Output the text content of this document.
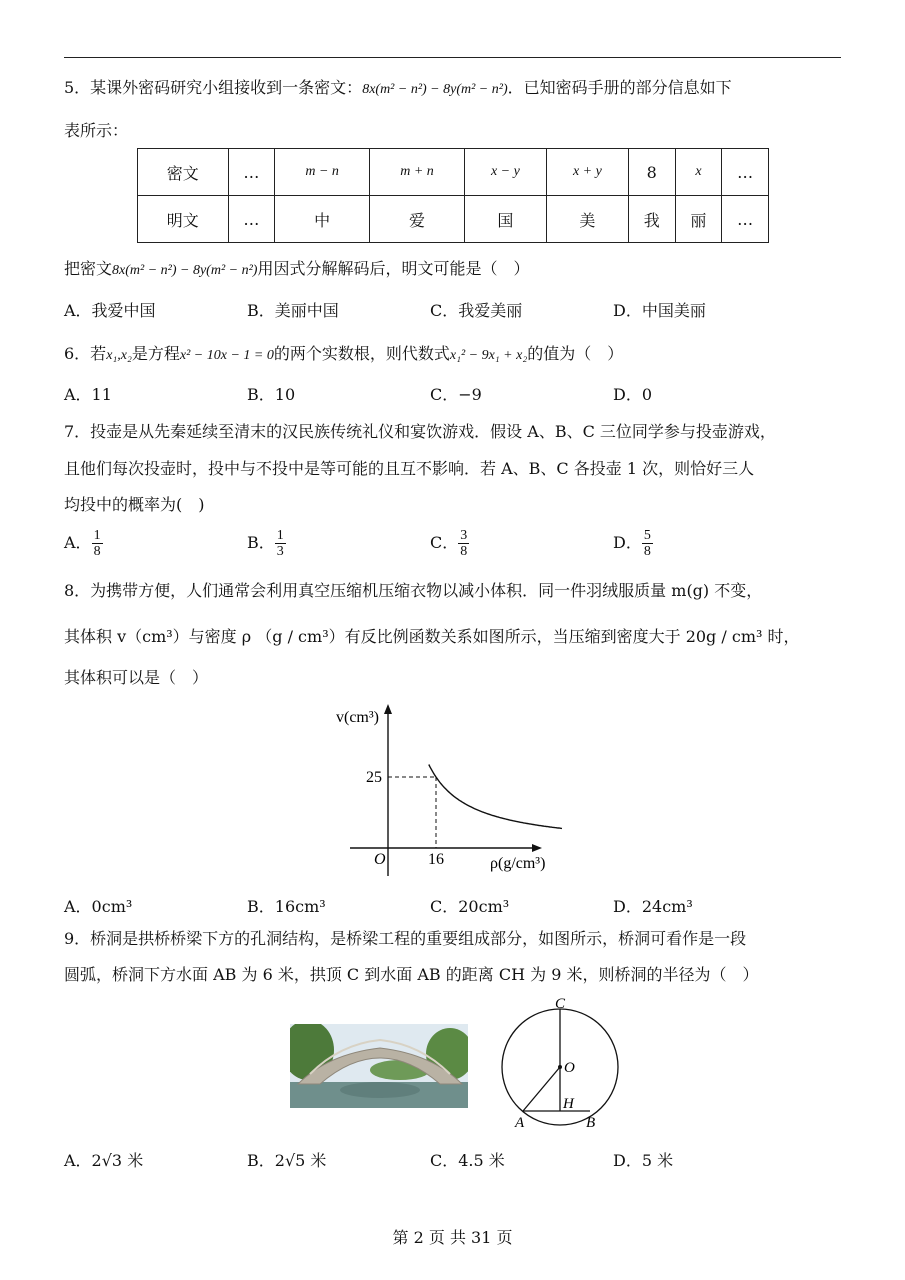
5．某课外密码研究小组接收到一条密文：8x(m² − n²) − 8y(m² − n²)．已知密码手册的部分信息如下
表所示：
密文	…	m − n	m + n	x − y	x + y	8	x	…
明文	…	中	爱	国	美	我	丽	…
把密文8x(m² − n²) − 8y(m² − n²)用因式分解解码后，明文可能是（　）
A．我爱中国	B．美丽中国	C．我爱美丽	D．中国美丽
6．若x₁,x₂是方程x² − 10x − 1 = 0的两个实数根，则代数式x₁² − 9x₁ + x₂的值为（　）
A．11	B．10	C．−9	D．0
7．投壶是从先秦延续至清末的汉民族传统礼仪和宴饮游戏．假设 A、B、C 三位同学参与投壶游戏，
且他们每次投壶时，投中与不投中是等可能的且互不影响．若 A、B、C 各投壶 1 次，则恰好三人
均投中的概率为(　)
A． $\frac{1}{8}$	B． $\frac{1}{3}$	C． $\frac{3}{8}$	D． $\frac{5}{8}$
8．为携带方便，人们通常会利用真空压缩机压缩衣物以减小体积．同一件羽绒服质量 m(g) 不变，
其体积 v（cm³）与密度 ρ （g / cm³）有反比例函数关系如图所示，当压缩到密度大于 20g / cm³ 时，
其体积可以是（　）
v(cm³)
25
O	16	ρ(g/cm³)
A．0cm³	B．16cm³	C．20cm³	D．24cm³
9．桥洞是拱桥桥梁下方的孔洞结构，是桥梁工程的重要组成部分，如图所示，桥洞可看作是一段
圆弧，桥洞下方水面 AB 为 6 米，拱顶 C 到水面 AB 的距离 CH 为 9 米，则桥洞的半径为（　）
C
O
H
A	B
A．2√3 米	B．2√5 米	C．4.5 米	D．5 米
第 2 页 共 31 页
